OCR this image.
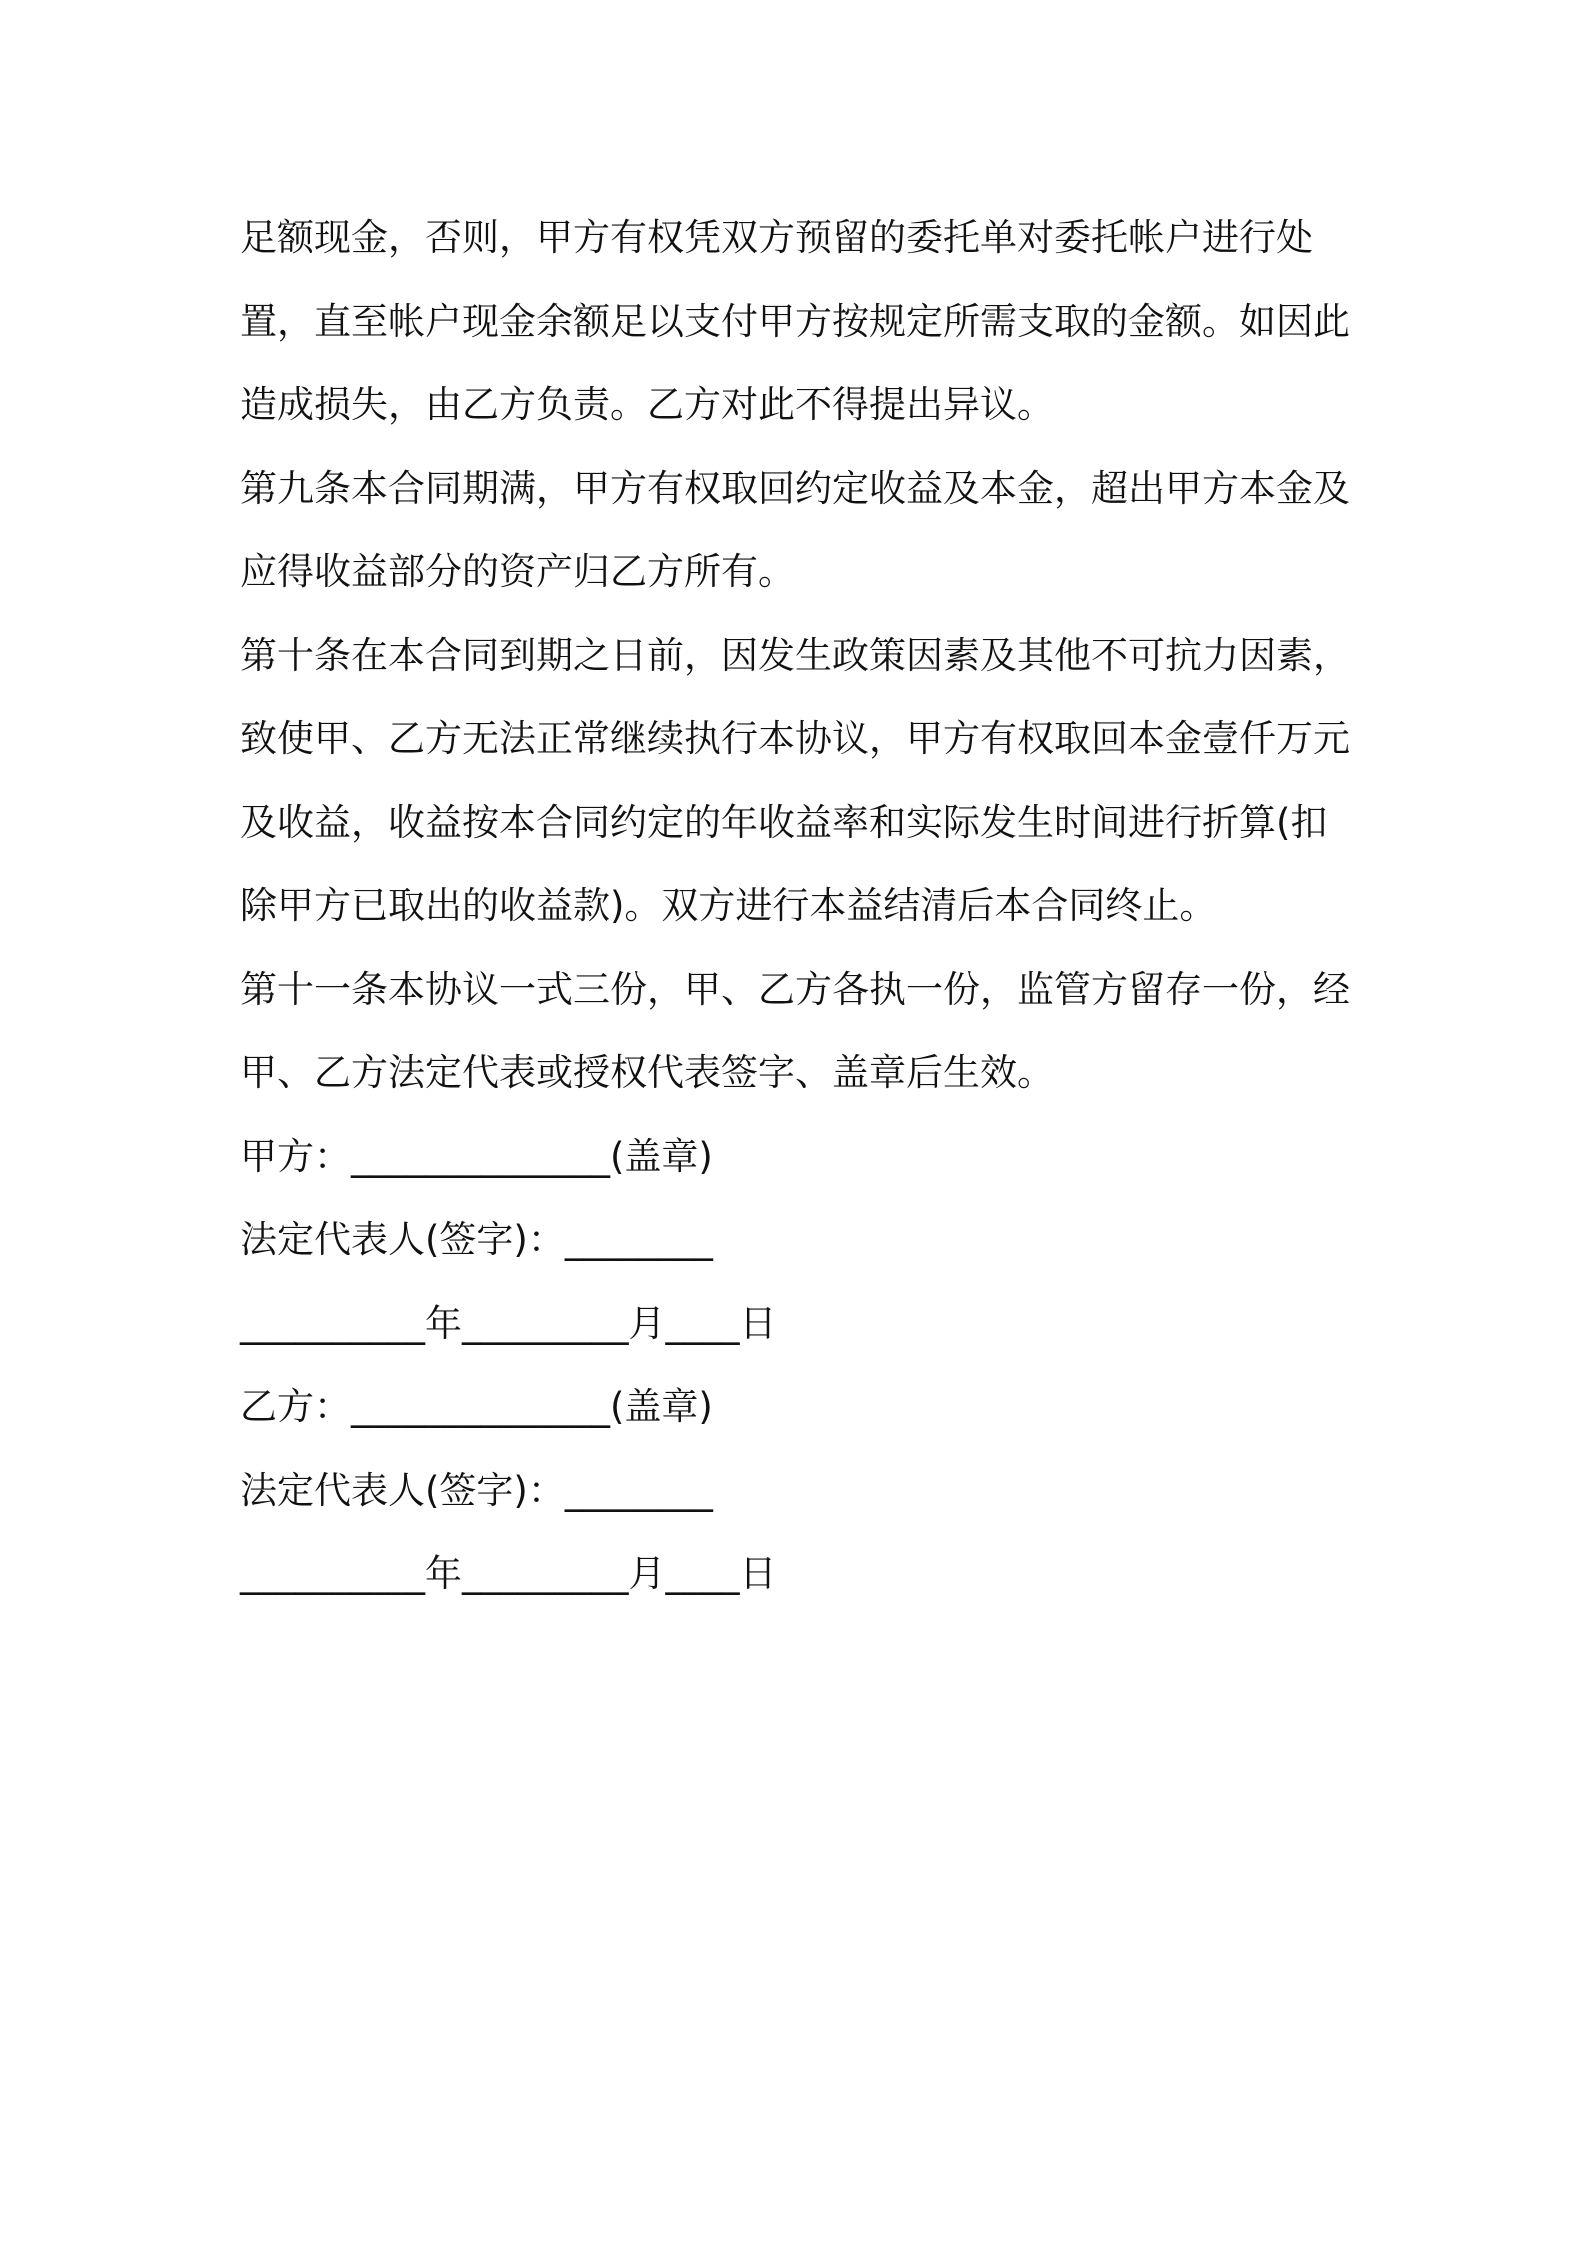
足额现金，否则，甲方有权凭双方预留的委托单对委托帐户进行处置，直至帐户现金余额足以支付甲方按规定所需支取的金额。如因此造成损失，由乙方负责。乙方对此不得提出异议。

第九条本合同期满，甲方有权取回约定收益及本金，超出甲方本金及应得收益部分的资产归乙方所有。

第十条在本合同到期之日前，因发生政策因素及其他不可抗力因素，致使甲、乙方无法正常继续执行本协议，甲方有权取回本金壹仟万元及收益，收益按本合同约定的年收益率和实际发生时间进行折算(扣除甲方已取出的收益款)。双方进行本益结清后本合同终止。

第十一条本协议一式三份，甲、乙方各执一份，监管方留存一份，经甲、乙方法定代表或授权代表签字、盖章后生效。

甲方：______________(盖章)

法定代表人(签字)：________

__________年_________月____日

乙方：______________(盖章)

法定代表人(签字)：________

__________年_________月____日
